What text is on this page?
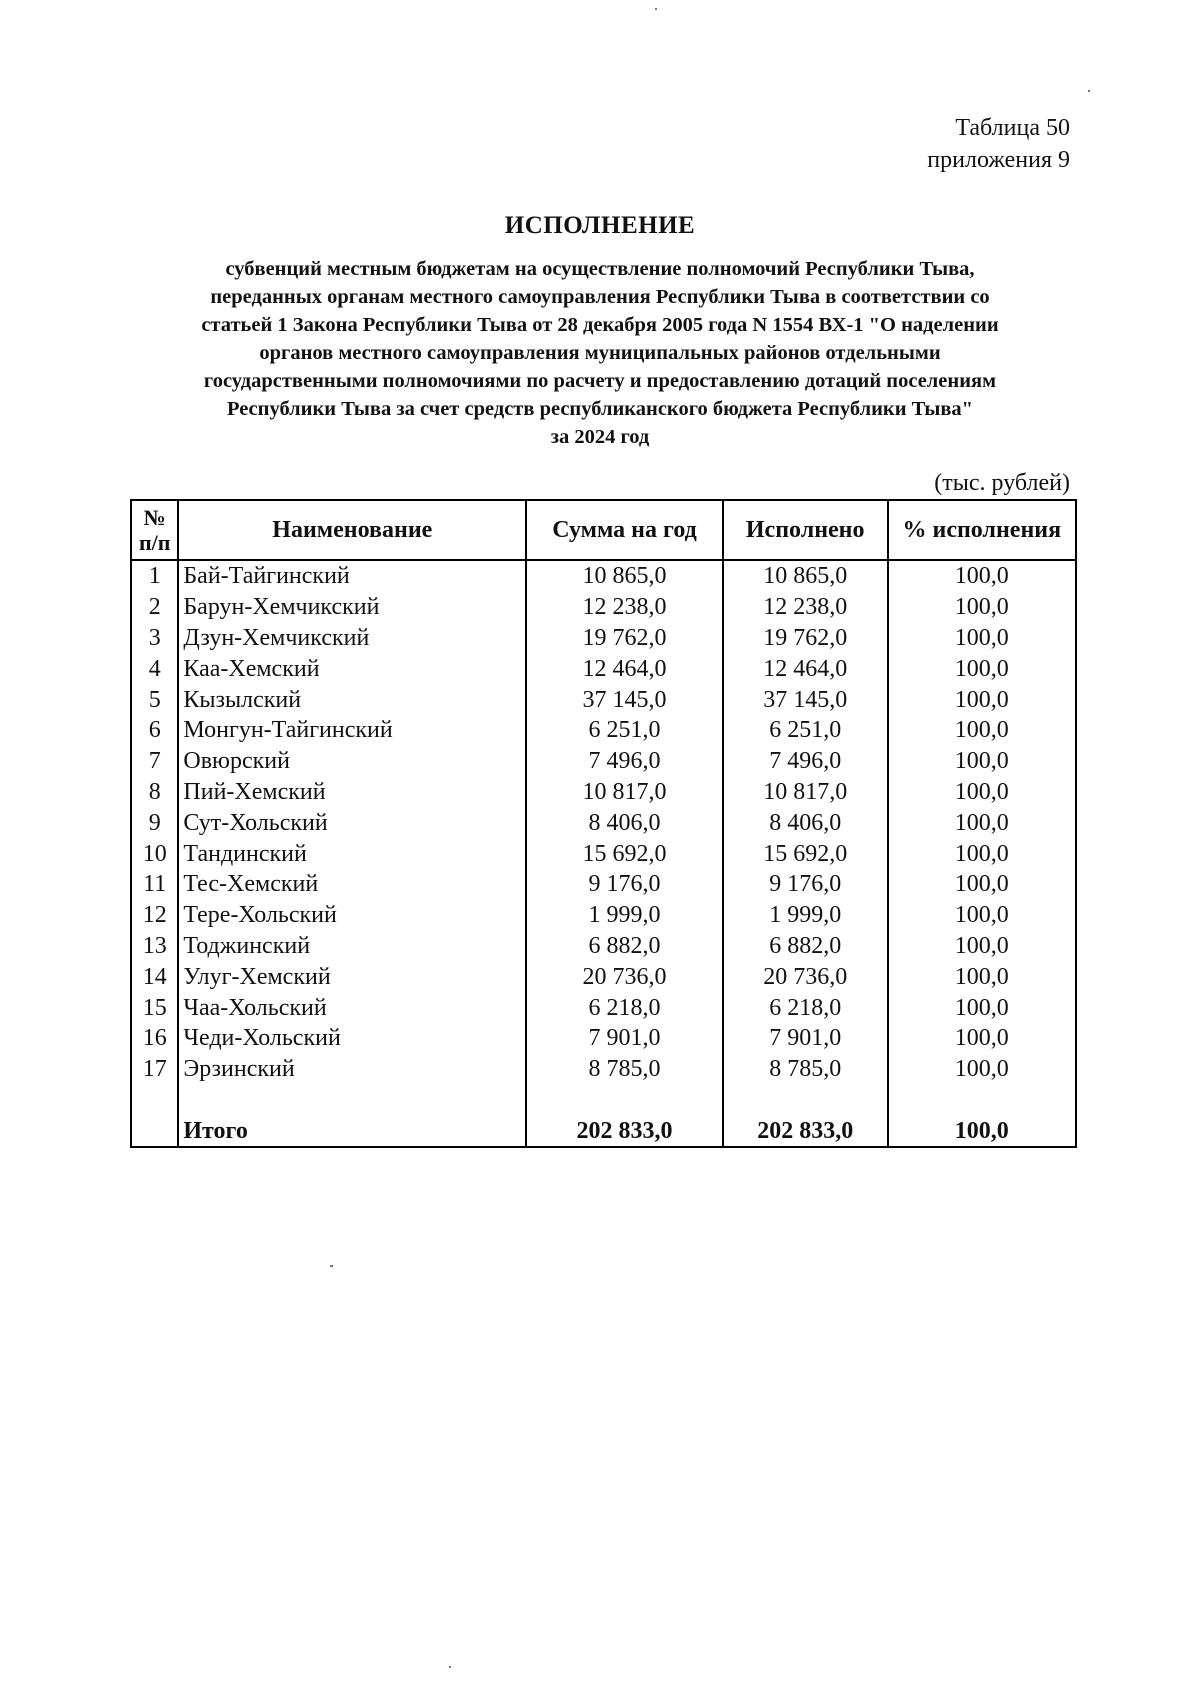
Таблица 50
приложения 9
ИСПОЛНЕНИЕ
субвенций местным бюджетам на осуществление полномочий Республики Тыва,
переданных органам местного самоуправления Республики Тыва в соответствии со
статьей 1 Закона Республики Тыва от 28 декабря 2005 года N 1554 ВХ-1 "О наделении
органов местного самоуправления муниципальных районов отдельными
государственными полномочиями по расчету и предоставлению дотаций поселениям
Республики Тыва за счет средств республиканского бюджета Республики Тыва"
за 2024 год
(тыс. рублей)
№
п/п	Наименование	Сумма на год	Исполнено	% исполнения
1	Бай-Тайгинский	10 865,0	10 865,0	100,0
2	Барун-Хемчикский	12 238,0	12 238,0	100,0
3	Дзун-Хемчикский	19 762,0	19 762,0	100,0
4	Каа-Хемский	12 464,0	12 464,0	100,0
5	Кызылский	37 145,0	37 145,0	100,0
6	Монгун-Тайгинский	6 251,0	6 251,0	100,0
7	Овюрский	7 496,0	7 496,0	100,0
8	Пий-Хемский	10 817,0	10 817,0	100,0
9	Сут-Хольский	8 406,0	8 406,0	100,0
10	Тандинский	15 692,0	15 692,0	100,0
11	Тес-Хемский	9 176,0	9 176,0	100,0
12	Тере-Хольский	1 999,0	1 999,0	100,0
13	Тоджинский	6 882,0	6 882,0	100,0
14	Улуг-Хемский	20 736,0	20 736,0	100,0
15	Чаа-Хольский	6 218,0	6 218,0	100,0
16	Чеди-Хольский	7 901,0	7 901,0	100,0
17	Эрзинский	8 785,0	8 785,0	100,0

	Итого	202 833,0	202 833,0	100,0
